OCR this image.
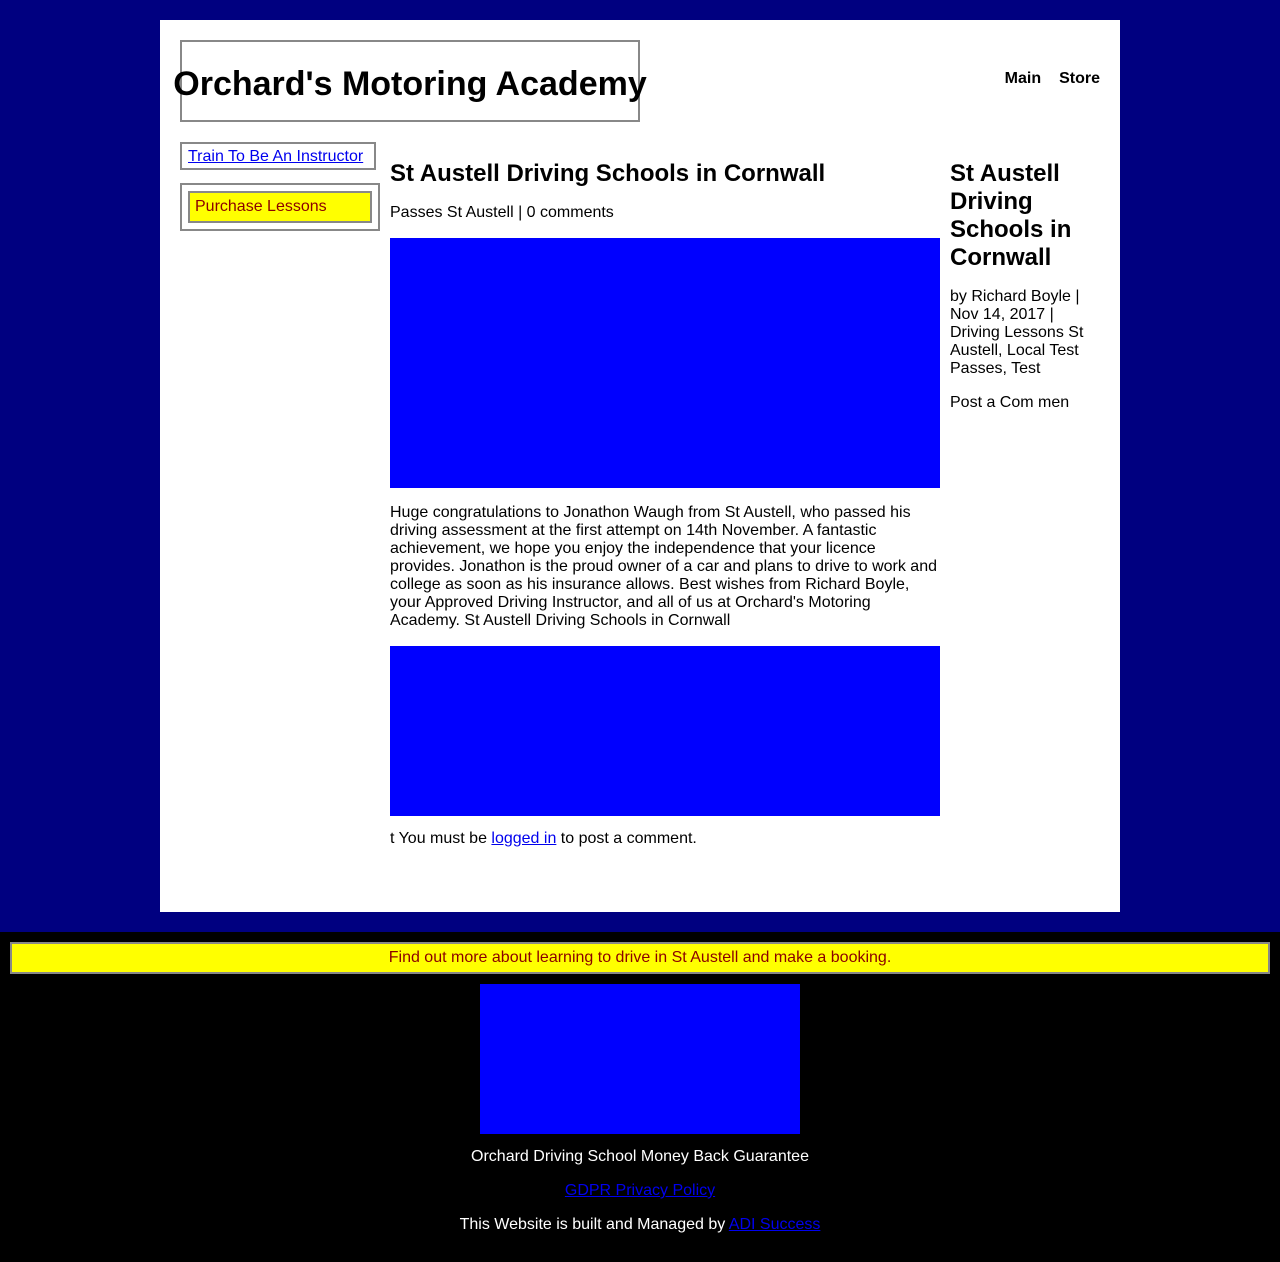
Orchard's Motoring Academy	Main Store
Train To Be An Instructor
Purchase Lessons
St Austell Driving Schools in Cornwall

Passes St Austell | 0 comments

Huge congratulations to Jonathon Waugh from St Austell, who passed his driving assessment at the first attempt on 14th November. A fantastic achievement, we hope you enjoy the independence that your licence provides. Jonathon is the proud owner of a car and plans to drive to work and college as soon as his insurance allows. Best wishes from Richard Boyle, your Approved Driving Instructor, and all of us at Orchard's Motoring Academy. St Austell Driving Schools in Cornwall

t You must be logged in to post a comment.

St Austell Driving Schools in Cornwall

by Richard Boyle | Nov 14, 2017 | Driving Lessons St Austell, Local Test Passes, Test

Post a Com men

Find out more about learning to drive in St Austell and make a booking.
Orchard Driving School Money Back Guarantee
GDPR Privacy Policy
This Website is built and Managed by ADI Success
